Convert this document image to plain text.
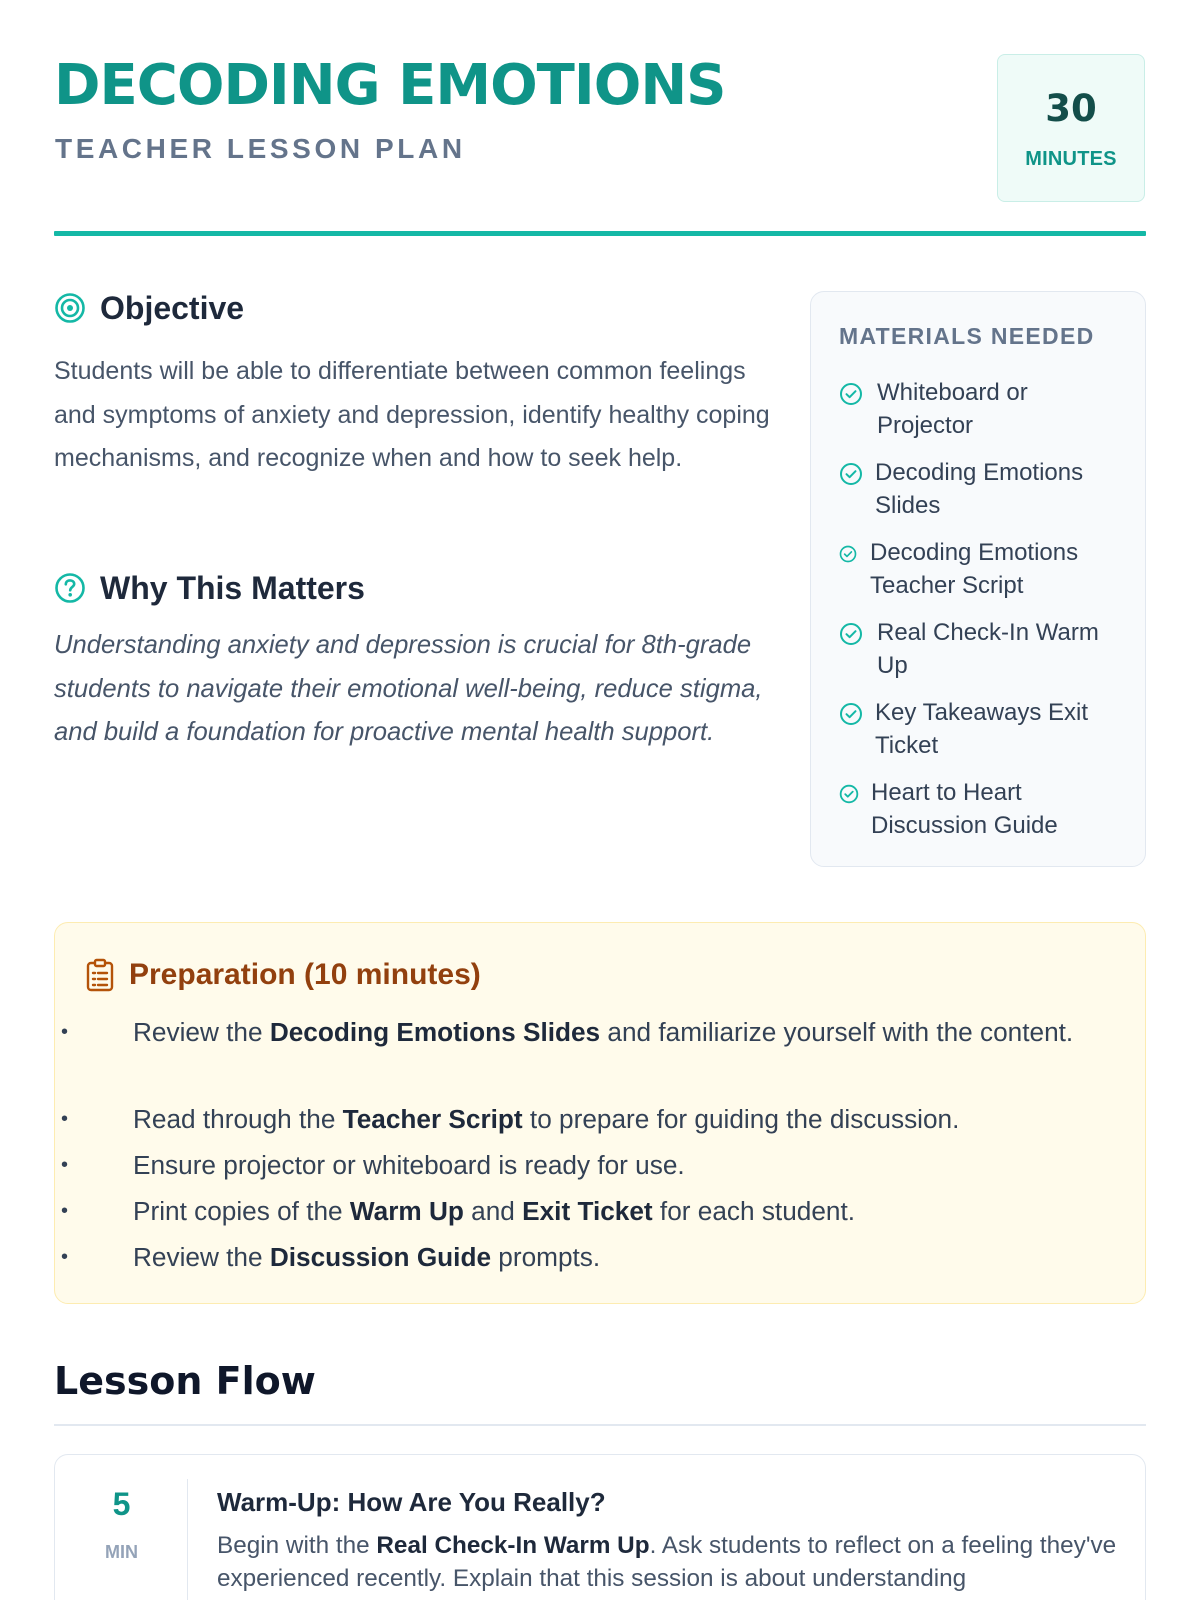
DECODING EMOTIONS
TEACHER LESSON PLAN
30
MINUTES
Objective
Students will be able to differentiate between common feelings and symptoms of anxiety and depression, identify healthy coping mechanisms, and recognize when and how to seek help.
Why This Matters
Understanding anxiety and depression is crucial for 8th-grade students to navigate their emotional well-being, reduce stigma, and build a foundation for proactive mental health support.
MATERIALS NEEDED
Whiteboard or
Projector
Decoding Emotions
Slides
Decoding Emotions
Teacher Script
Real Check-In Warm
Up
Key Takeaways Exit
Ticket
Heart to Heart
Discussion Guide
Preparation (10 minutes)
• Review the Decoding Emotions Slides and familiarize yourself with the content.
• Read through the Teacher Script to prepare for guiding the discussion.
• Ensure projector or whiteboard is ready for use.
• Print copies of the Warm Up and Exit Ticket for each student.
• Review the Discussion Guide prompts.
Lesson Flow
5
MIN
Warm-Up: How Are You Really?
Begin with the Real Check-In Warm Up. Ask students to reflect on a feeling they've experienced recently. Explain that this session is about understanding
